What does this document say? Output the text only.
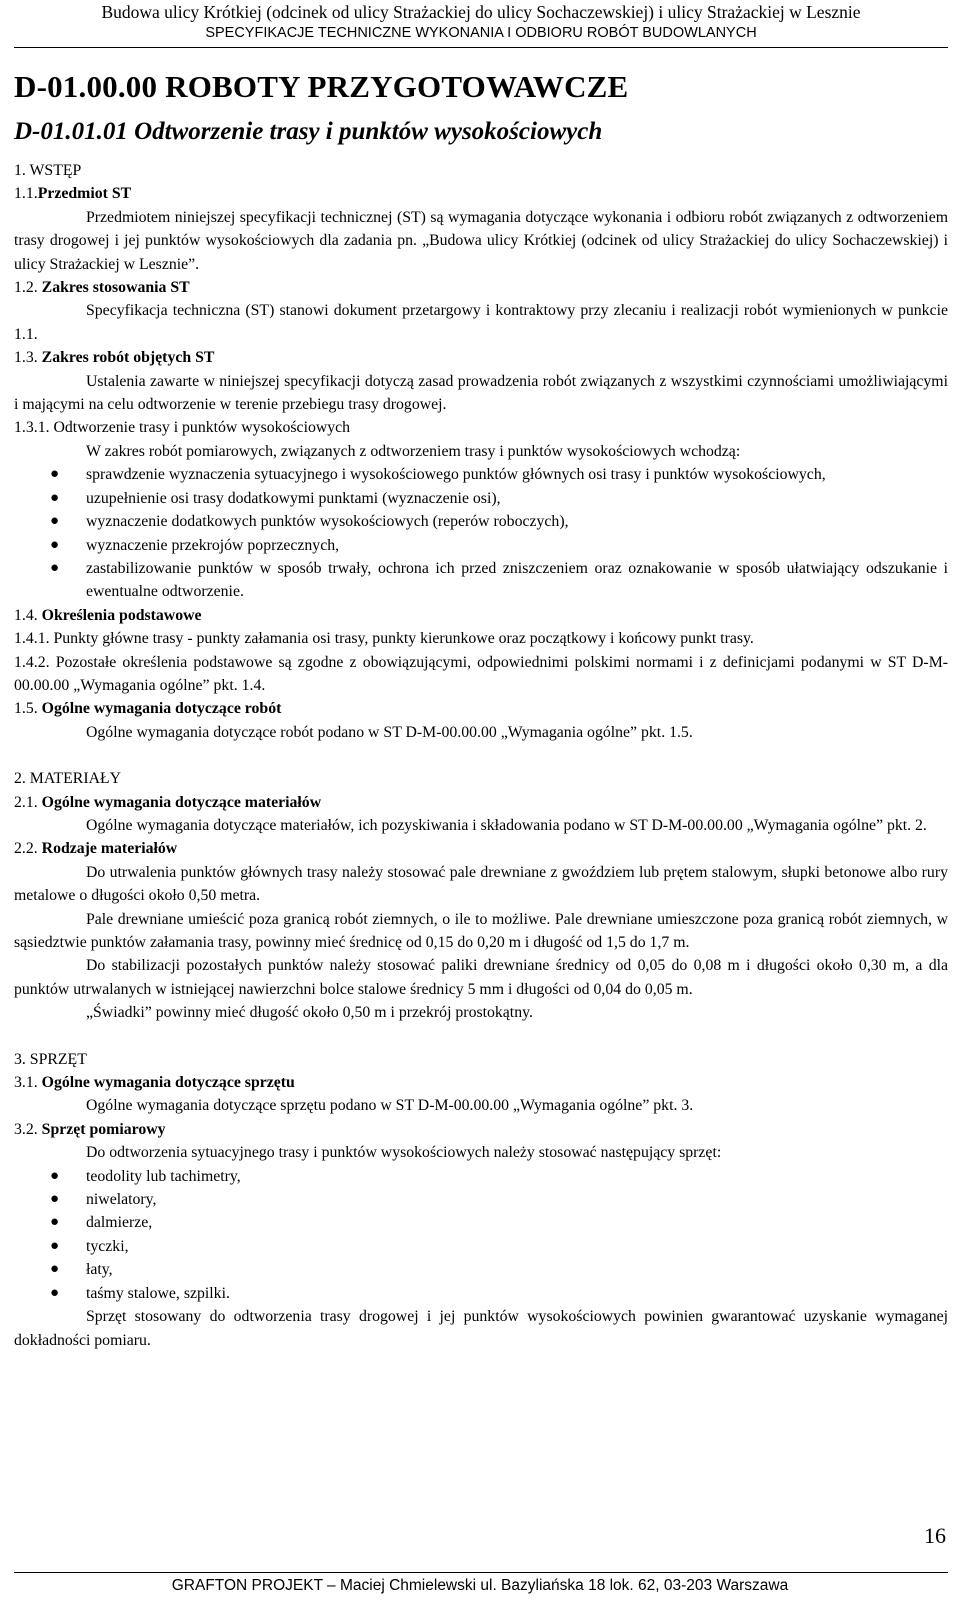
Budowa ulicy Krótkiej (odcinek od ulicy Strażackiej do ulicy Sochaczewskiej) i ulicy Strażackiej w Lesznie
SPECYFIKACJE TECHNICZNE WYKONANIA I ODBIORU ROBÓT BUDOWLANYCH
D-01.00.00 ROBOTY PRZYGOTOWAWCZE
D-01.01.01 Odtworzenie trasy i punktów wysokościowych
1. WSTĘP
1.1.Przedmiot ST
Przedmiotem niniejszej specyfikacji technicznej (ST) są wymagania dotyczące wykonania i odbioru robót związanych z odtworzeniem trasy drogowej i jej punktów wysokościowych dla zadania pn. „Budowa ulicy Krótkiej (odcinek od ulicy Strażackiej do ulicy Sochaczewskiej) i ulicy Strażackiej w Lesznie”.
1.2. Zakres stosowania ST
Specyfikacja techniczna (ST) stanowi dokument przetargowy i kontraktowy przy zlecaniu i realizacji robót wymienionych w punkcie 1.1.
1.3. Zakres robót objętych ST
Ustalenia zawarte w niniejszej specyfikacji dotyczą zasad prowadzenia robót związanych z wszystkimi czynnościami umożliwiającymi i mającymi na celu odtworzenie w terenie przebiegu trasy drogowej.
1.3.1. Odtworzenie trasy i punktów wysokościowych
W zakres robót pomiarowych, związanych z odtworzeniem trasy i punktów wysokościowych wchodzą:
● sprawdzenie wyznaczenia sytuacyjnego i wysokościowego punktów głównych osi trasy i punktów wysokościowych,
● uzupełnienie osi trasy dodatkowymi punktami (wyznaczenie osi),
● wyznaczenie dodatkowych punktów wysokościowych (reperów roboczych),
● wyznaczenie przekrojów poprzecznych,
● zastabilizowanie punktów w sposób trwały, ochrona ich przed zniszczeniem oraz oznakowanie w sposób ułatwiający odszukanie i ewentualne odtworzenie.
1.4. Określenia podstawowe
1.4.1. Punkty główne trasy - punkty załamania osi trasy, punkty kierunkowe oraz początkowy i końcowy punkt trasy.
1.4.2. Pozostałe określenia podstawowe są zgodne z obowiązującymi, odpowiednimi polskimi normami i z definicjami podanymi w ST D-M-00.00.00 „Wymagania ogólne” pkt. 1.4.
1.5. Ogólne wymagania dotyczące robót
Ogólne wymagania dotyczące robót podano w ST D-M-00.00.00 „Wymagania ogólne” pkt. 1.5.
2. MATERIAŁY
2.1. Ogólne wymagania dotyczące materiałów
Ogólne wymagania dotyczące materiałów, ich pozyskiwania i składowania podano w ST D-M-00.00.00 „Wymagania ogólne” pkt. 2.
2.2. Rodzaje materiałów
Do utrwalenia punktów głównych trasy należy stosować pale drewniane z gwoździem lub prętem stalowym, słupki betonowe albo rury metalowe o długości około 0,50 metra.
Pale drewniane umieścić poza granicą robót ziemnych, o ile to możliwe. Pale drewniane umieszczone poza granicą robót ziemnych, w sąsiedztwie punktów załamania trasy, powinny mieć średnicę od 0,15 do 0,20 m i długość od 1,5 do 1,7 m.
Do stabilizacji pozostałych punktów należy stosować paliki drewniane średnicy od 0,05 do 0,08 m i długości około 0,30 m, a dla punktów utrwalanych w istniejącej nawierzchni bolce stalowe średnicy 5 mm i długości od 0,04 do 0,05 m.
„Świadki” powinny mieć długość około 0,50 m i przekrój prostokątny.
3. SPRZĘT
3.1. Ogólne wymagania dotyczące sprzętu
Ogólne wymagania dotyczące sprzętu podano w ST D-M-00.00.00 „Wymagania ogólne” pkt. 3.
3.2. Sprzęt pomiarowy
Do odtworzenia sytuacyjnego trasy i punktów wysokościowych należy stosować następujący sprzęt:
● teodolity lub tachimetry,
● niwelatory,
● dalmierze,
● tyczki,
● łaty,
● taśmy stalowe, szpilki.
Sprzęt stosowany do odtworzenia trasy drogowej i jej punktów wysokościowych powinien gwarantować uzyskanie wymaganej dokładności pomiaru.
16
GRAFTON PROJEKT – Maciej Chmielewski ul. Bazyliańska 18 lok. 62, 03-203 Warszawa
